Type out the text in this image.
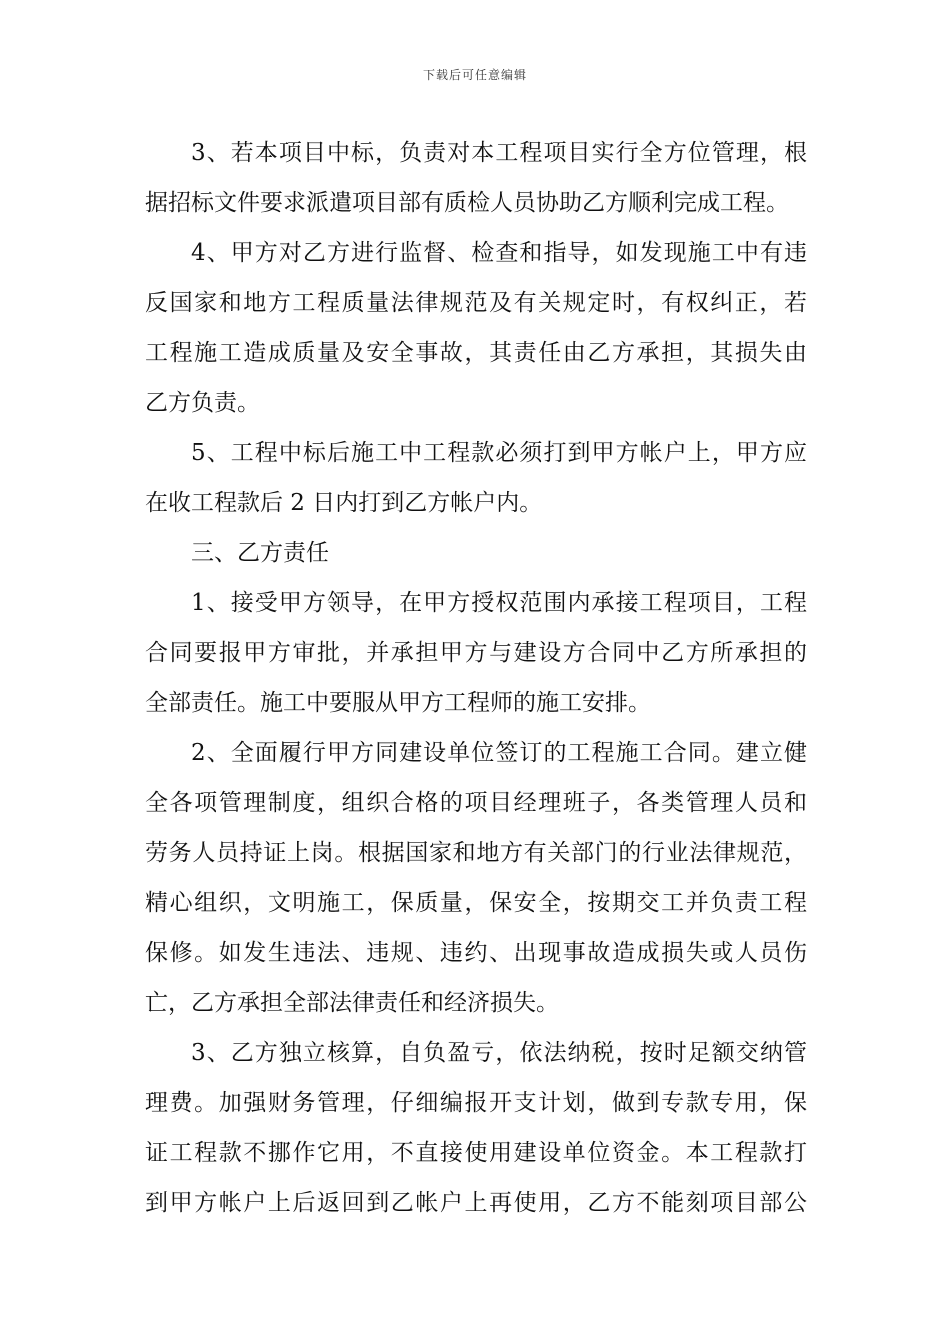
下载后可任意编辑

3、若本项目中标，负责对本工程项目实行全方位管理，根
据招标文件要求派遣项目部有质检人员协助乙方顺利完成工程。

4、甲方对乙方进行监督、检查和指导，如发现施工中有违
反国家和地方工程质量法律规范及有关规定时，有权纠正，若
工程施工造成质量及安全事故，其责任由乙方承担，其损失由
乙方负责。

5、工程中标后施工中工程款必须打到甲方帐户上，甲方应
在收工程款后 2 日内打到乙方帐户内。

三、乙方责任

1、接受甲方领导，在甲方授权范围内承接工程项目，工程
合同要报甲方审批，并承担甲方与建设方合同中乙方所承担的
全部责任。施工中要服从甲方工程师的施工安排。

2、全面履行甲方同建设单位签订的工程施工合同。建立健
全各项管理制度，组织合格的项目经理班子，各类管理人员和
劳务人员持证上岗。根据国家和地方有关部门的行业法律规范，
精心组织，文明施工，保质量，保安全，按期交工并负责工程
保修。如发生违法、违规、违约、出现事故造成损失或人员伤
亡，乙方承担全部法律责任和经济损失。

3、乙方独立核算，自负盈亏，依法纳税，按时足额交纳管
理费。加强财务管理，仔细编报开支计划，做到专款专用，保
证工程款不挪作它用，不直接使用建设单位资金。本工程款打
到甲方帐户上后返回到乙帐户上再使用，乙方不能刻项目部公
